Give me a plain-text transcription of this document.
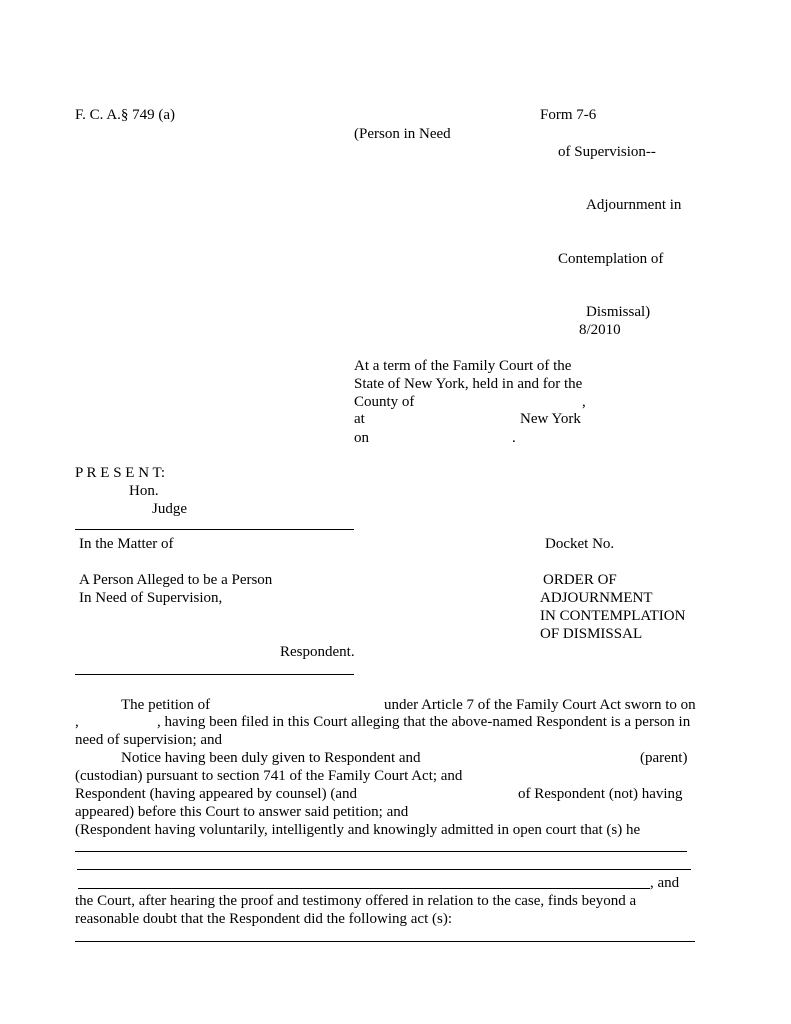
F. C. A.§ 749 (a)	Form 7-6
(Person in Need
of Supervision--
Adjournment in
Contemplation of
Dismissal)
8/2010
At a term of the Family Court of the
State of New York, held in and for the
County of	,
at	New York
on	.
P R E S E N T:
Hon.
Judge
In the Matter of	Docket No.
A Person Alleged to be a Person
In Need of Supervision,
ORDER OF
ADJOURNMENT
IN CONTEMPLATION
OF DISMISSAL
Respondent.
The petition of	under Article 7 of the Family Court Act sworn to on
,	, having been filed in this Court alleging that the above-named Respondent is a person in
need of supervision; and
Notice having been duly given to Respondent and	(parent)
(custodian) pursuant to section 741 of the Family Court Act; and
Respondent (having appeared by counsel) (and	of Respondent (not) having
appeared) before this Court to answer said petition; and
(Respondent having voluntarily, intelligently and knowingly admitted in open court that (s) he
, and
the Court, after hearing the proof and testimony offered in relation to the case, finds beyond a
reasonable doubt that the Respondent did the following act (s):
